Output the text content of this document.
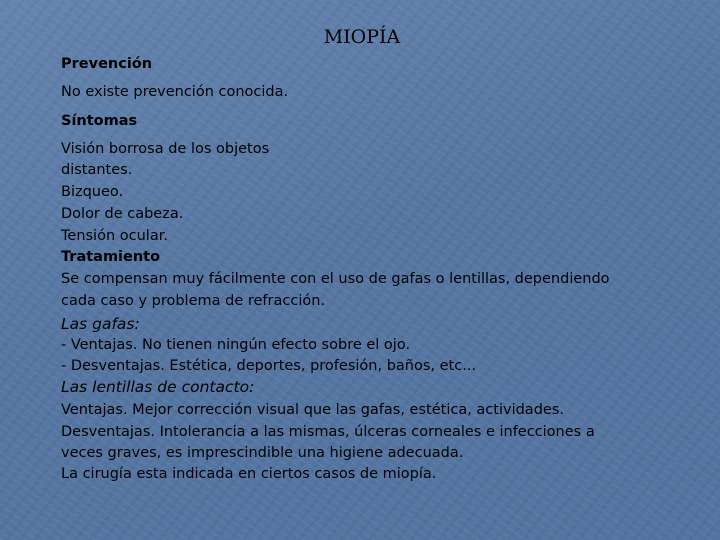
MIOPÍA
Prevención
No existe prevención conocida.
Síntomas
Visión borrosa de los objetos
distantes.
Bizqueo.
Dolor de cabeza.
Tensión ocular.
Tratamiento
Se compensan muy fácilmente con el uso de gafas o lentillas, dependiendo
cada caso y problema de refracción.
Las gafas:
- Ventajas. No tienen ningún efecto sobre el ojo.
- Desventajas. Estética, deportes, profesión, baños, etc...
Las lentillas de contacto:
Ventajas. Mejor corrección visual que las gafas, estética, actividades.
Desventajas. Intolerancia a las mismas, úlceras corneales e infecciones a
veces graves, es imprescindible una higiene adecuada.
La cirugía esta indicada en ciertos casos de miopía.
